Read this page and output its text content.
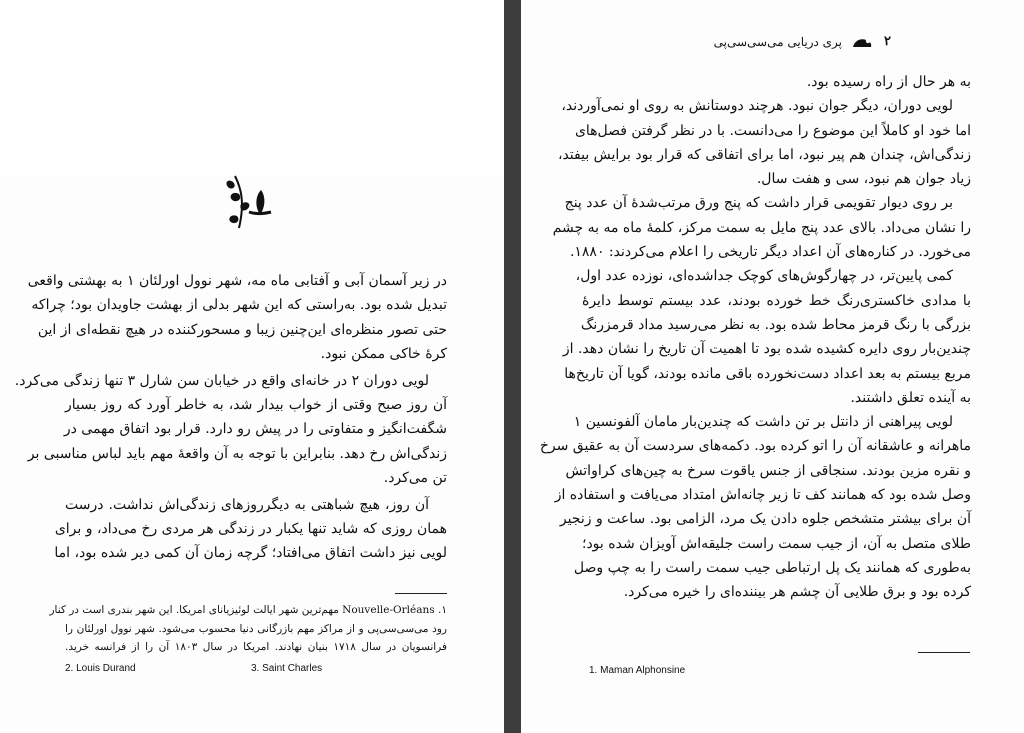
در زیر آسمان آبی و آفتابی ماه مه، شهر نوول اورلئان ۱ به بهشتی واقعی
تبدیل شده بود. به‌راستی که این شهر بدلی از بهشت جاویدان بود؛ چراکه
حتی تصور منظره‌ای این‌چنین زیبا و مسحورکننده در هیچ نقطه‌ای از این
کرهٔ خاکی ممکن نبود.
لویی دوران ۲ در خانه‌ای واقع در خیابان سن شارل ۳ تنها زندگی می‌کرد.
آن روز صبح وقتی از خواب بیدار شد، به خاطر آورد که روز بسیار
شگفت‌انگیز و متفاوتی را در پیش رو دارد. قرار بود اتفاق مهمی در
زندگی‌اش رخ دهد. بنابراین با توجه به آن واقعهٔ مهم باید لباس مناسبی بر
تن می‌کرد.
آن روز، هیچ شباهتی به دیگرروزهای زندگی‌اش نداشت. درست
همان روزی که شاید تنها یکبار در زندگی هر مردی رخ می‌داد، و برای
لویی نیز داشت اتفاق می‌افتاد؛ گرچه زمان آن کمی دیر شده بود، اما
۱. Nouvelle-Orléans مهم‌ترین شهر ایالت لوئیزیانای امریکا. این شهر بندری است در کنار
رود می‌سی‌سی‌پی و از مراکز مهم بازرگانی دنیا محسوب می‌شود. شهر نوول اورلئان را
فرانسویان در سال ۱۷۱۸ بنیان نهادند. امریکا در سال ۱۸۰۳ آن را از فرانسه خرید.
2. Louis Durand	3. Saint Charles
۲
پری دریایی می‌سی‌سی‌پی
به هر حال از راه رسیده بود.
لویی دوران، دیگر جوان نبود. هرچند دوستانش به روی او نمی‌آوردند،
اما خود او کاملاً این موضوع را می‌دانست. با در نظر گرفتن فصل‌های
زندگی‌اش، چندان هم پیر نبود، اما برای اتفاقی که قرار بود برایش بیفتد،
زیاد جوان هم نبود، سی و هفت سال.
بر روی دیوار تقویمی قرار داشت که پنج ورق مرتب‌شدهٔ آن عدد پنج
را نشان می‌داد. بالای عدد پنج مایل به سمت مرکز، کلمهٔ ماه مه به چشم
می‌خورد. در کناره‌های آن اعداد دیگر تاریخی را اعلام می‌کردند: ۱۸۸۰.
کمی پایین‌تر، در چهارگوش‌های کوچک جداشده‌ای، نوزده عدد اول،
با مدادی خاکستری‌رنگ خط خورده بودند، عدد بیستم توسط دایرهٔ
بزرگی با رنگ قرمز محاط شده بود. به نظر می‌رسید مداد قرمزرنگ
چندین‌بار روی دایره کشیده شده بود تا اهمیت آن تاریخ را نشان دهد. از
مربع بیستم به بعد اعداد دست‌نخورده باقی مانده بودند، گویا آن تاریخ‌ها
به آینده تعلق داشتند.
لویی پیراهنی از دانتل بر تن داشت که چندین‌بار مامان آلفونسین ۱
ماهرانه و عاشقانه آن را اتو کرده بود. دکمه‌های سردست آن به عقیق سرخ
و نقره مزین بودند. سنجاقی از جنس یاقوت سرخ به چین‌های کراواتش
وصل شده بود که همانند کف تا زیر چانه‌اش امتداد می‌یافت و استفاده از
آن برای بیشتر متشخص جلوه دادن یک مرد، الزامی بود. ساعت و زنجیر
طلای متصل به آن، از جیب سمت راست جلیقه‌اش آویزان شده بود؛
به‌طوری که همانند یک پل ارتباطی جیب سمت راست را به چپ وصل
کرده بود و برق طلایی آن چشم هر بیننده‌ای را خیره می‌کرد.
1. Maman Alphonsine
